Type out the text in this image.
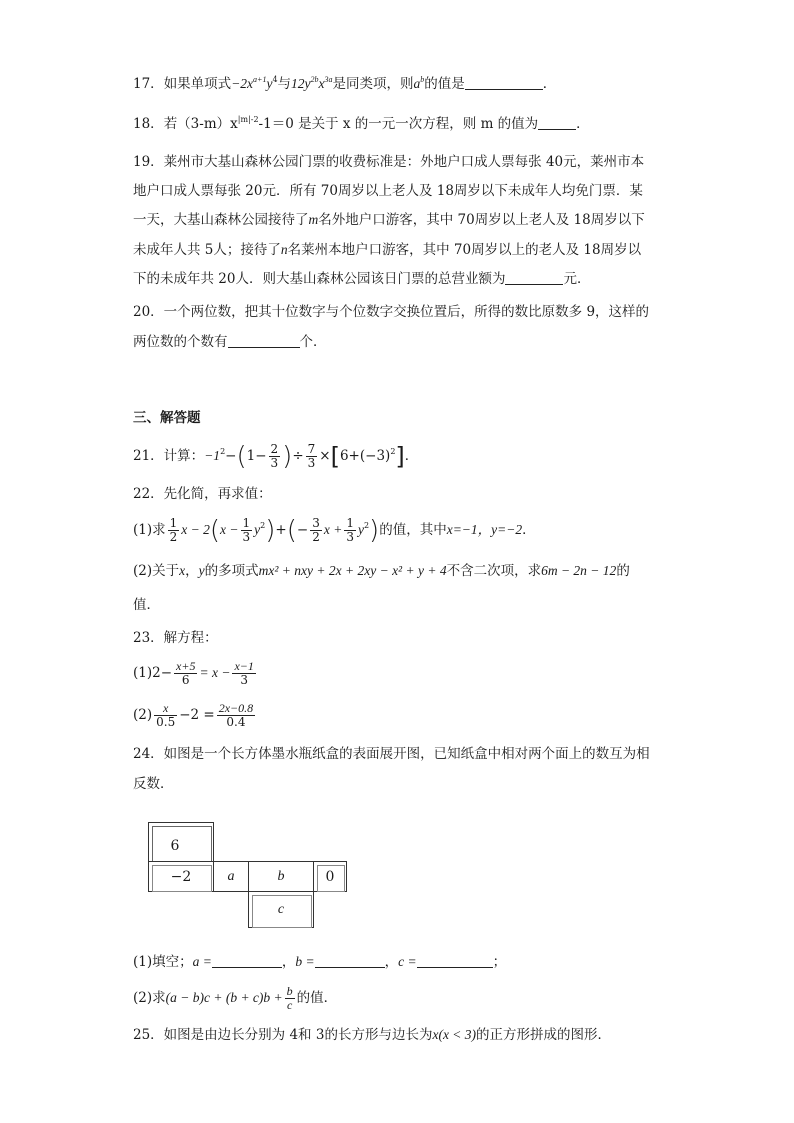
17．如果单项式$-2x^{a+1}y^4$与$12y^{2b}x^{3a}$是同类项，则$a^b$的值是	．
18．若$(3-m)x^{|m|-2}-1=0$ 是关于 x 的一元一次方程，则 m 的值为	．
19．莱州市大基山森林公园门票的收费标准是：外地户口成人票每张 40元，莱州市本
地户口成人票每张 20元．所有 70周岁以上老人及 18周岁以下未成年人均免门票．某
一天，大基山森林公园接待了m名外地户口游客，其中 70周岁以上老人及 18周岁以下
未成年人共 5人；接待了n名莱州本地户口游客，其中 70周岁以上的老人及 18周岁以
下的未成年共 20人．则大基山森林公园该日门票的总营业额为	元．
20．一个两位数，把其十位数字与个位数字交换位置后，所得的数比原数多 9，这样的
两位数的个数有	个．
三、解答题
21．计算：$-1^2-(1- \frac{2}{3}$ )÷ $\frac{7}{3} \times[6+(-3)^2]$．
22．先化简，再求值：
(1)求 $\frac{1}{2}$ $x - 2(x - \frac{1}{3} y^2)+(- \frac{3}{2}$ $x + \frac{1}{3} y^2$)的值，其中x=−1，y=−2．
(2)关于x，y的多项式mx² + nxy + 2x + 2xy − x² + y + 4不含二次项，求6m − 2n − 12的
值．
23．解方程：
$(1)2- \frac{x+5}{6} = x - \frac{x-1}{3}$
$(2) \frac{x}{0.5} -2 = \frac{2x-0.8}{0.4}$
24．如图是一个长方体墨水瓶纸盒的表面展开图，已知纸盒中相对两个面上的数互为相
反数．
6
−2	a	b	0
c
(1)填空；a =	，b =	，c =	；
(2)求$(a - b)c + (b + c)b + \frac{b}{c}$ 的值．
25．如图是由边长分别为 4和 3的长方形与边长为x(x < 3)的正方形拼成的图形．
